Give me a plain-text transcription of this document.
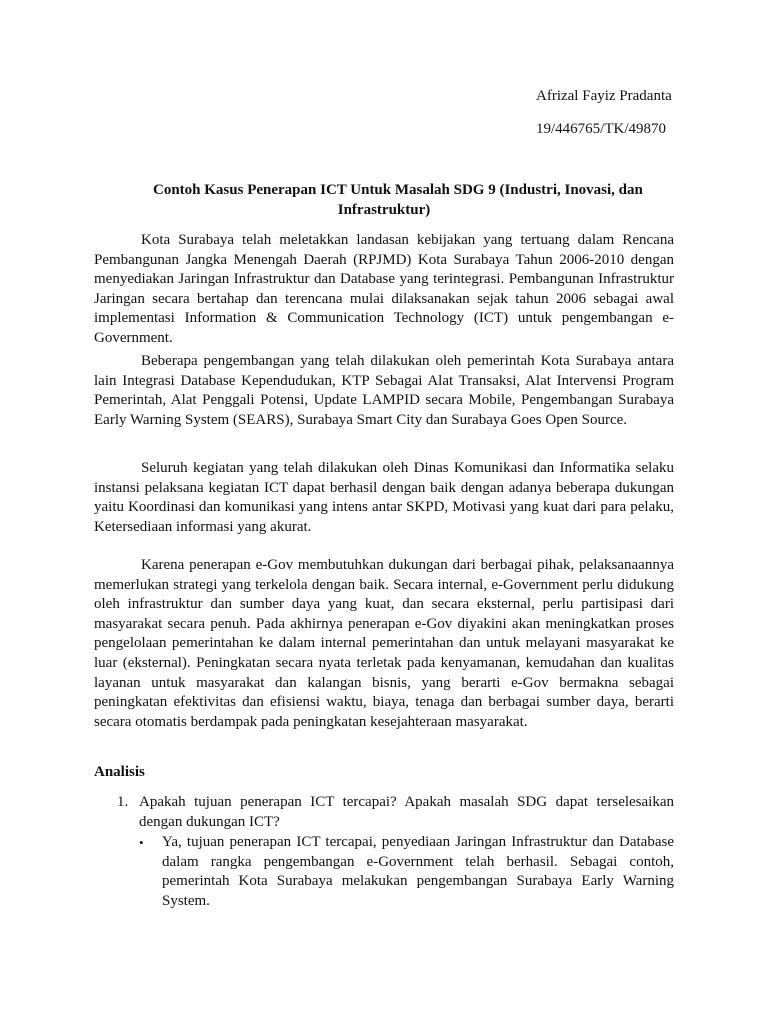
Afrizal Fayiz Pradanta
19/446765/TK/49870
Contoh Kasus Penerapan ICT Untuk Masalah SDG 9 (Industri, Inovasi, dan
Infrastruktur)

Kota Surabaya telah meletakkan landasan kebijakan yang tertuang dalam Rencana Pembangunan Jangka Menengah Daerah (RPJMD) Kota Surabaya Tahun 2006-2010 dengan menyediakan Jaringan Infrastruktur dan Database yang terintegrasi. Pembangunan Infrastruktur Jaringan secara bertahap dan terencana mulai dilaksanakan sejak tahun 2006 sebagai awal implementasi Information & Communication Technology (ICT) untuk pengembangan e-Government.

Beberapa pengembangan yang telah dilakukan oleh pemerintah Kota Surabaya antara lain Integrasi Database Kependudukan, KTP Sebagai Alat Transaksi, Alat Intervensi Program Pemerintah, Alat Penggali Potensi, Update LAMPID secara Mobile, Pengembangan Surabaya Early Warning System (SEARS), Surabaya Smart City dan Surabaya Goes Open Source.

Seluruh kegiatan yang telah dilakukan oleh Dinas Komunikasi dan Informatika selaku instansi pelaksana kegiatan ICT dapat berhasil dengan baik dengan adanya beberapa dukungan yaitu Koordinasi dan komunikasi yang intens antar SKPD, Motivasi yang kuat dari para pelaku, Ketersediaan informasi yang akurat.

Karena penerapan e-Gov membutuhkan dukungan dari berbagai pihak, pelaksanaannya memerlukan strategi yang terkelola dengan baik. Secara internal, e-Government perlu didukung oleh infrastruktur dan sumber daya yang kuat, dan secara eksternal, perlu partisipasi dari masyarakat secara penuh. Pada akhirnya penerapan e-Gov diyakini akan meningkatkan proses pengelolaan pemerintahan ke dalam internal pemerintahan dan untuk melayani masyarakat ke luar (eksternal). Peningkatan secara nyata terletak pada kenyamanan, kemudahan dan kualitas layanan untuk masyarakat dan kalangan bisnis, yang berarti e-Gov bermakna sebagai peningkatan efektivitas dan efisiensi waktu, biaya, tenaga dan berbagai sumber daya, berarti secara otomatis berdampak pada peningkatan kesejahteraan masyarakat.

Analisis
1. Apakah tujuan penerapan ICT tercapai? Apakah masalah SDG dapat terselesaikan dengan dukungan ICT?
• Ya, tujuan penerapan ICT tercapai, penyediaan Jaringan Infrastruktur dan Database dalam rangka pengembangan e-Government telah berhasil. Sebagai contoh, pemerintah Kota Surabaya melakukan pengembangan Surabaya Early Warning System.
